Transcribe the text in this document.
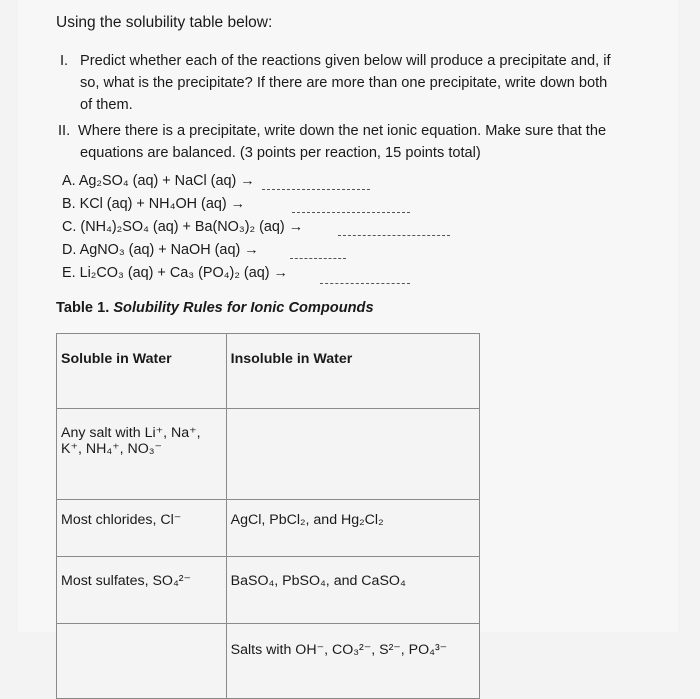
Using the solubility table below:
I. Predict whether each of the reactions given below will produce a precipitate and, if
so, what is the precipitate? If there are more than one precipitate, write down both
of them.
II. Where there is a precipitate, write down the net ionic equation. Make sure that the
equations are balanced. (3 points per reaction, 15 points total)
A. Ag₂SO₄ (aq) + NaCl (aq) →
B. KCl (aq) + NH₄OH (aq) →
C. (NH₄)₂SO₄ (aq) + Ba(NO₃)₂ (aq) →
D. AgNO₃ (aq) + NaOH (aq) →
E. Li₂CO₃ (aq) + Ca₃ (PO₄)₂ (aq) →
Table 1. Solubility Rules for Ionic Compounds
Soluble in Water	Insoluble in Water

Any salt with Li⁺, Na⁺,
K⁺, NH₄⁺, NO₃⁻	

Most chlorides, Cl⁻	AgCl, PbCl₂, and Hg₂Cl₂
Most sulfates, SO₄²⁻	BaSO₄, PbSO₄, and CaSO₄
	Salts with OH⁻, CO₃²⁻, S²⁻, PO₄³⁻
